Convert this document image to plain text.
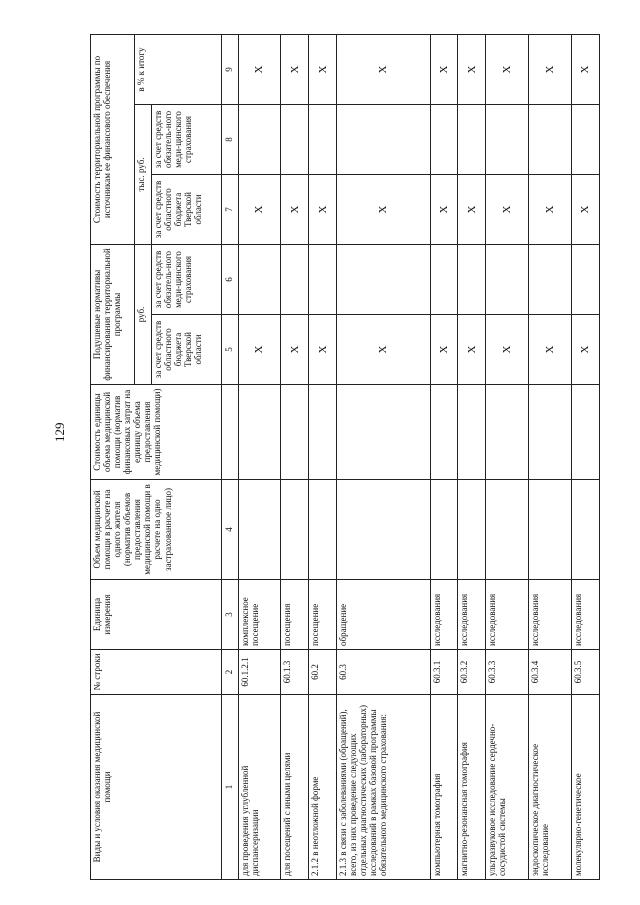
129
Виды и условия оказания медицинской помощи	№ строки	Единица измерения	Объем медицинской помощи в расчете на одного жителя (норматив объемов предоставления медицинской помощи в расчете на одно застрахованное лицо)	Стоимость единицы объема медицинской помощи (норматив финансовых затрат на единицу объема предоставления медицинской помощи)	Подушевые нормативы финансирования территориальной программы		Стоимость территориальной программы по источникам ее финансового обеспечения		
					руб.		тыс. руб.		в % к итогу
					за счет средств областного бюджета Тверской области	за счет средств обязатель-ного меди-цинского страхования	за счет средств областного бюджета Тверской области	за счет средств обязатель-ного меди-цинского страхования	
1	2	3	4		5	6	7	8	9
для проведения углубленной диспансеризации	60.1.2.1	комплексное посещение			X		X		X
для посещений с иными целями	60.1.3	посещения			X		X		X
2.1.2 в неотложной форме	60.2	посещение			X		X		X
2.1.3 в связи с заболеваниями (обращений), всего, из них проведение следующих отдельных диагностических (лабораторных) исследований в рамках базовой программы обязательного медицинского страхования:	60.3	обращение			X		X		X
компьютерная томография	60.3.1	исследования			X		X		X
магнитно-резонансная томография	60.3.2	исследования			X		X		X
ультразвуковое исследование сердечно-сосудистой системы	60.3.3	исследования			X		X		X
эндоскопическое диагностическое исследование	60.3.4	исследования			X		X		X
молекулярно-генетическое	60.3.5	исследования			X		X		X
